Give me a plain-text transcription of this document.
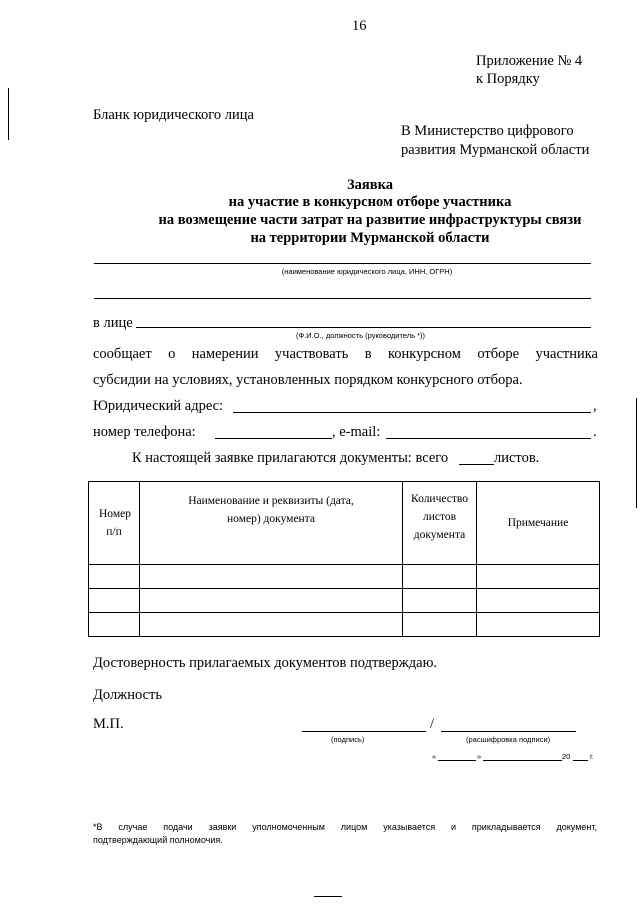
16
Приложение № 4
к Порядку
Бланк юридического лица
В Министерство цифрового
развития Мурманской области
Заявка
на участие в конкурсном отборе участника
на возмещение части затрат на развитие инфраструктуры связи
на территории Мурманской области
(наименование юридического лица, ИНН, ОГРН)
в лице
(Ф.И.О., должность (руководитель *))
сообщает о намерении участвовать в конкурсном отборе участника
субсидии на условиях, установленных порядком конкурсного отбора.
Юридический адрес:	,
номер телефона:	, e-mail:	.
К настоящей заявке прилагаются документы: всего	листов.
Номер п/п	Наименование и реквизиты (дата, номер) документа	Количество листов документа	Примечание

Достоверность прилагаемых документов подтверждаю.
Должность
М.П.	/
(подпись)	(расшифровка подписи)
«	»	20	г.
*В случае подачи заявки уполномоченным лицом указывается и прикладывается документ,
подтверждающий полномочия.
